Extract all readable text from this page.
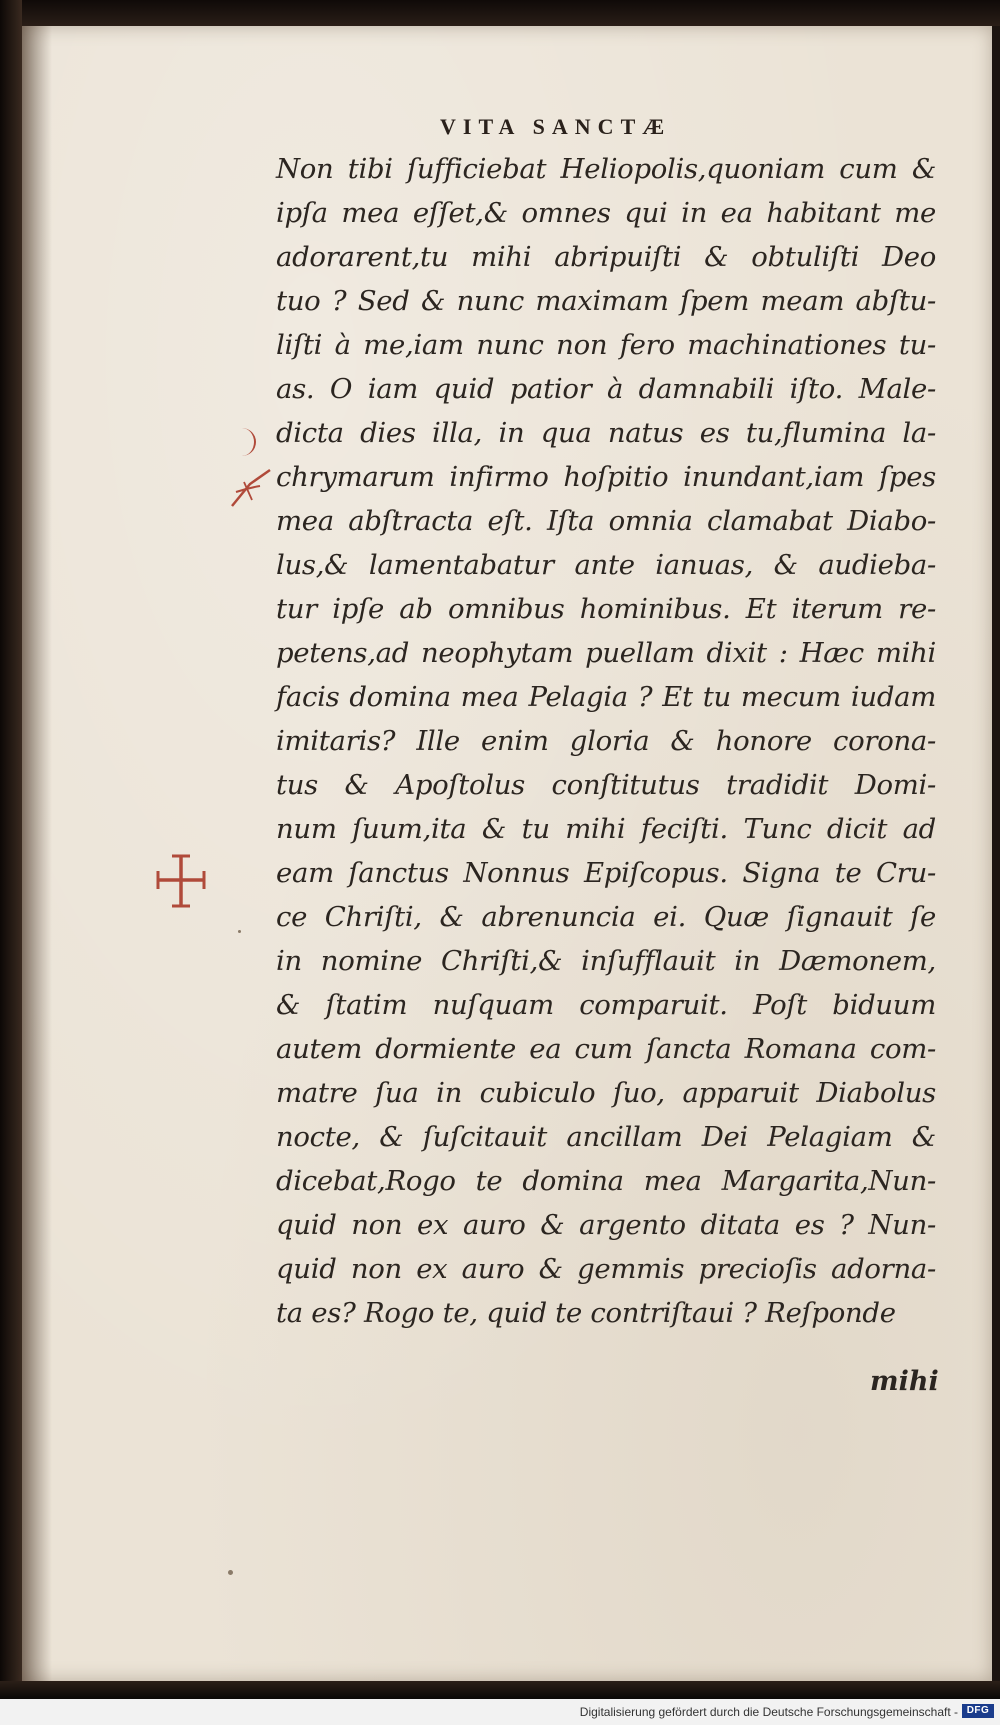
VITA SANCTÆ
Non tibi ſufficiebat Heliopolis,quoniam cum &
ipſa mea eſſet,& omnes qui in ea habitant me
adorarent,tu mihi abripuiſti & obtuliſti Deo
tuo ? Sed & nunc maximam ſpem meam abſtu-
liſti à me,iam nunc non fero machinationes tu-
as. O iam quid patior à damnabili iſto. Male-
dicta dies illa, in qua natus es tu,flumina la-
chrymarum infirmo hoſpitio inundant,iam ſpes
mea abſtracta eſt. Iſta omnia clamabat Diabo-
lus,& lamentabatur ante ianuas, & audieba-
tur ipſe ab omnibus hominibus. Et iterum re-
petens,ad neophytam puellam dixit : Hæc mihi
facis domina mea Pelagia ? Et tu mecum iudam
imitaris? Ille enim gloria & honore corona-
tus & Apoſtolus conſtitutus tradidit Domi-
num ſuum,ita & tu mihi feciſti. Tunc dicit ad
eam ſanctus Nonnus Epiſcopus. Signa te Cru-
ce Chriſti, & abrenuncia ei. Quæ ſignauit ſe
in nomine Chriſti,& inſufflauit in Dæmonem,
& ſtatim nuſquam comparuit. Poſt biduum
autem dormiente ea cum ſancta Romana com-
matre ſua in cubiculo ſuo, apparuit Diabolus
nocte, & ſuſcitauit ancillam Dei Pelagiam &
dicebat,Rogo te domina mea Margarita,Nun-
quid non ex auro & argento ditata es ? Nun-
quid non ex auro & gemmis precioſis adorna-
ta es? Rogo te, quid te contriſtaui ? Reſponde
mihi
Digitalisierung gefördert durch die Deutsche Forschungsgemeinschaft - DFG
